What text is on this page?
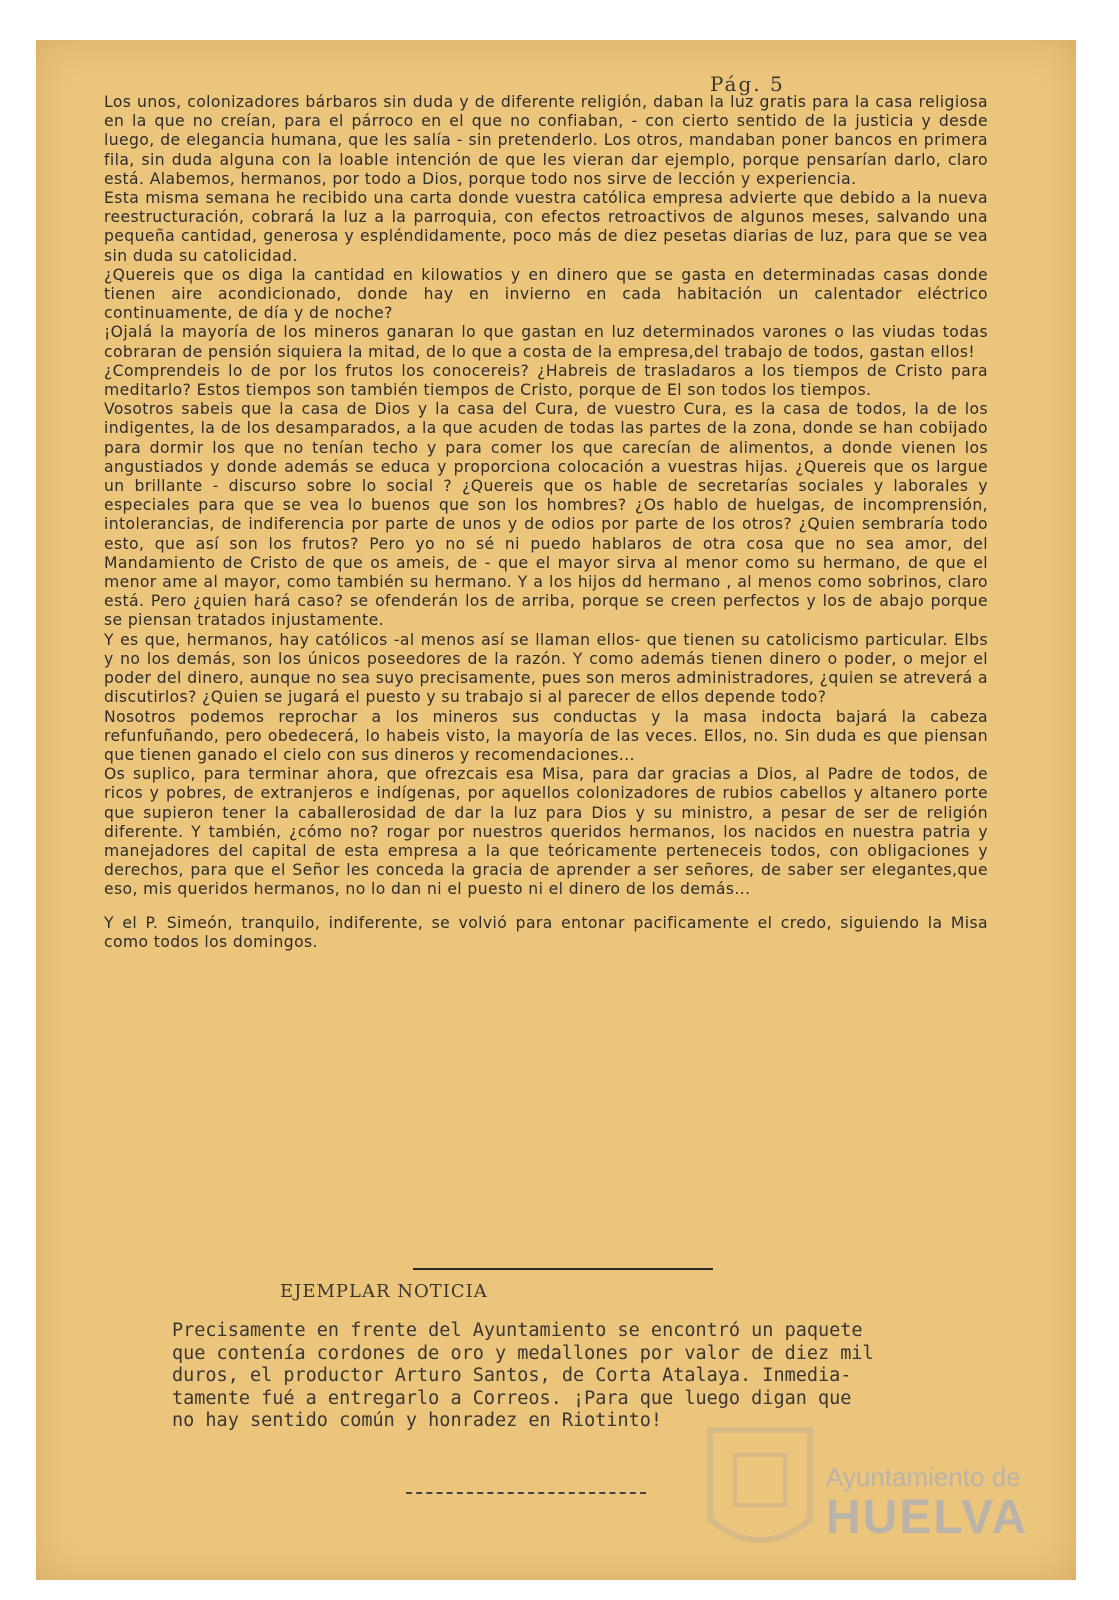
Pág. 5

Los unos, colonizadores bárbaros sin duda y de diferente religión, daban la luz gratis para la casa religiosa en la que no creían, para el párroco en el que no confiaban, - con cierto sentido de la justicia y desde luego, de elegancia humana, que les salía - sin pretenderlo. Los otros, mandaban poner bancos en primera fila, sin duda alguna con la loable intención de que les vieran dar ejemplo, porque pensarían darlo, claro está. Alabemos, hermanos, por todo a Dios, porque todo nos sirve de lección y experiencia.

Esta misma semana he recibido una carta donde vuestra católica empresa advierte que debido a la nueva reestructuración, cobrará la luz a la parroquia, con efectos retroactivos de algunos meses, salvando una pequeña cantidad, generosa y espléndidamente, poco más de diez pesetas diarias de luz, para que se vea sin duda su catolicidad.

¿Quereis que os diga la cantidad en kilowatios y en dinero que se gasta en determinadas casas donde tienen aire acondicionado, donde hay en invierno en cada habitación un calentador eléctrico continuamente, de día y de noche?

¡Ojalá la mayoría de los mineros ganaran lo que gastan en luz determinados varones o las viudas todas cobraran de pensión siquiera la mitad, de lo que a costa de la empresa,del trabajo de todos, gastan ellos!

¿Comprendeis lo de por los frutos los conocereis? ¿Habreis de trasladaros a los tiempos de Cristo para meditarlo? Estos tiempos son también tiempos de Cristo, porque de El son todos los tiempos.

Vosotros sabeis que la casa de Dios y la casa del Cura, de vuestro Cura, es la casa de todos, la de los indigentes, la de los desamparados, a la que acuden de todas las partes de la zona, donde se han cobijado para dormir los que no tenían techo y para comer los que carecían de alimentos, a donde vienen los angustiados y donde además se educa y proporciona colocación a vuestras hijas. ¿Quereis que os largue un brillante - discurso sobre lo social ? ¿Quereis que os hable de secretarías sociales y laborales y especiales para que se vea lo buenos que son los hombres? ¿Os hablo de huelgas, de incomprensión, intolerancias, de indiferencia por parte de unos y de odios por parte de los otros? ¿Quien sembraría todo esto, que así son los frutos? Pero yo no sé ni puedo hablaros de otra cosa que no sea amor, del Mandamiento de Cristo de que os ameis, de - que el mayor sirva al menor como su hermano, de que el menor ame al mayor, como también su hermano. Y a los hijos dd hermano , al menos como sobrinos, claro está. Pero ¿quien hará caso? se ofenderán los de arriba, porque se creen perfectos y los de abajo porque se piensan tratados injustamente.

Y es que, hermanos, hay católicos -al menos así se llaman ellos- que tienen su catolicismo particular. Elbs y no los demás, son los únicos poseedores de la razón. Y como además tienen dinero o poder, o mejor el poder del dinero, aunque no sea suyo precisamente, pues son meros administradores, ¿quien se atreverá a discutirlos? ¿Quien se jugará el puesto y su trabajo si al parecer de ellos depende todo?

Nosotros podemos reprochar a los mineros sus conductas y la masa indocta bajará la cabeza refunfuñando, pero obedecerá, lo habeis visto, la mayoría de las veces. Ellos, no. Sin duda es que piensan que tienen ganado el cielo con sus dineros y recomendaciones...

Os suplico, para terminar ahora, que ofrezcais esa Misa, para dar gracias a Dios, al Padre de todos, de ricos y pobres, de extranjeros e indígenas, por aquellos colonizadores de rubios cabellos y altanero porte que supieron tener la caballerosidad de dar la luz para Dios y su ministro, a pesar de ser de religión diferente. Y también, ¿cómo no? rogar por nuestros queridos hermanos, los nacidos en nuestra patria y manejadores del capital de esta empresa a la que teóricamente perteneceis todos, con obligaciones y derechos, para que el Señor les conceda la gracia de aprender a ser señores, de saber ser elegantes,que eso, mis queridos hermanos, no lo dan ni el puesto ni el dinero de los demás...

Y el P. Simeón, tranquilo, indiferente, se volvió para entonar pacificamente el credo, siguiendo la Misa como todos los domingos.

EJEMPLAR NOTICIA
Precisamente en frente del Ayuntamiento se encontró un paquete
que contenía cordones de oro y medallones por valor de diez mil
duros, el productor Arturo Santos, de Corta Atalaya. Inmedia-
tamente fué a entregarlo a Correos. ¡Para que luego digan que
no hay sentido común y honradez en Riotinto!
Ayuntamiento de
HUELVA
